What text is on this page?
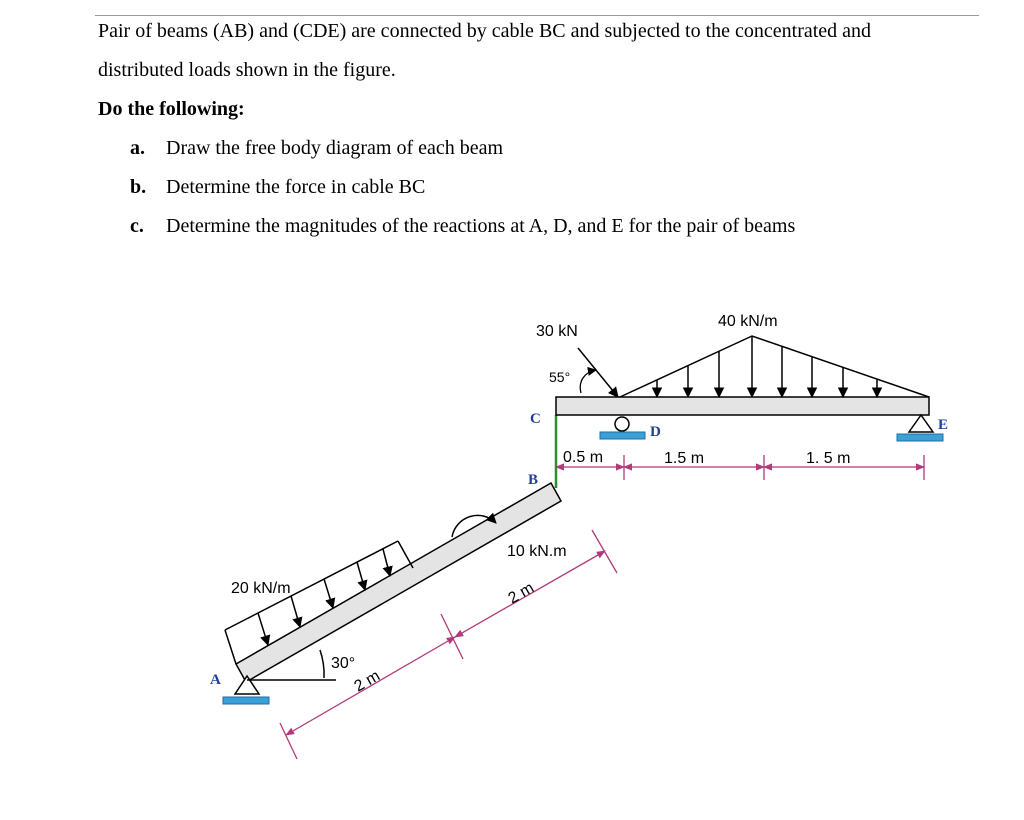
Pair of beams (AB) and (CDE) are connected by cable BC and subjected to the concentrated and
distributed loads shown in the figure.
Do the following:
a. Draw the free body diagram of each beam
b. Determine the force in cable BC
c. Determine the magnitudes of the reactions at A, D, and E for the pair of beams
A
B
C
D	E
20 kN/m
30 kN
55°
10 kN.m
40 kN/m
30°
0.5 m	1.5 m	1. 5 m
2 m
2 m
